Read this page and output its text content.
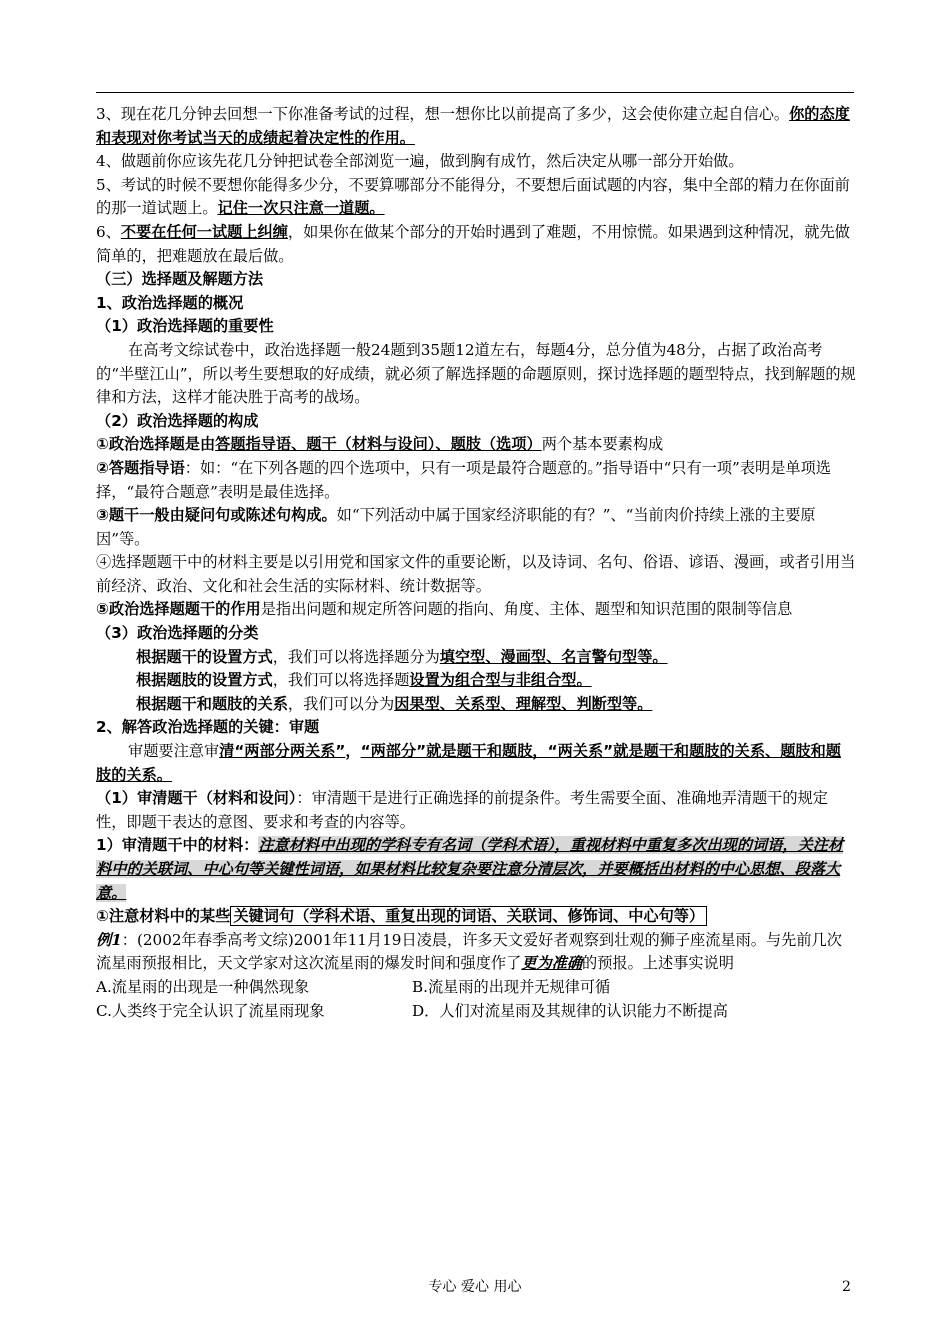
3、现在花几分钟去回想一下你准备考试的过程，想一想你比以前提高了多少，这会使你建立起自信心。你的态度和表现对你考试当天的成绩起着决定性的作用。

4、做题前你应该先花几分钟把试卷全部浏览一遍，做到胸有成竹，然后决定从哪一部分开始做。

5、考试的时候不要想你能得多少分，不要算哪部分不能得分，不要想后面试题的内容，集中全部的精力在你面前的那一道试题上。记住一次只注意一道题。

6、不要在任何一试题上纠缠，如果你在做某个部分的开始时遇到了难题，不用惊慌。如果遇到这种情况，就先做简单的，把难题放在最后做。

（三）选择题及解题方法

1、政治选择题的概况

（1）政治选择题的重要性

在高考文综试卷中，政治选择题一般24题到35题12道左右，每题4分，总分值为48分，占据了政治高考的“半壁江山”，所以考生要想取的好成绩，就必须了解选择题的命题原则，探讨选择题的题型特点，找到解题的规律和方法，这样才能决胜于高考的战场。

（2）政治选择题的构成

①政治选择题是由答题指导语、题干（材料与设问）、题肢（选项）两个基本要素构成

②答题指导语：如：“在下列各题的四个选项中，只有一项是最符合题意的。”指导语中“只有一项”表明是单项选择，“最符合题意”表明是最佳选择。

③题干一般由疑问句或陈述句构成。如“下列活动中属于国家经济职能的有？”、“当前肉价持续上涨的主要原因”等。

④选择题题干中的材料主要是以引用党和国家文件的重要论断，以及诗词、名句、俗语、谚语、漫画，或者引用当前经济、政治、文化和社会生活的实际材料、统计数据等。

⑤政治选择题题干的作用是指出问题和规定所答问题的指向、角度、主体、题型和知识范围的限制等信息

（3）政治选择题的分类

根据题干的设置方式，我们可以将选择题分为填空型、漫画型、名言警句型等。

根据题肢的设置方式，我们可以将选择题设置为组合型与非组合型。

根据题干和题肢的关系，我们可以分为因果型、关系型、理解型、判断型等。

2、解答政治选择题的关键：审题

审题要注意审清“两部分两关系”，“两部分”就是题干和题肢，“两关系”就是题干和题肢的关系、题肢和题肢的关系。

（1）审清题干（材料和设问）：审清题干是进行正确选择的前提条件。考生需要全面、准确地弄清题干的规定性，即题干表达的意图、要求和考查的内容等。

1）审清题干中的材料：注意材料中出现的学科专有名词（学科术语），重视材料中重复多次出现的词语，关注材料中的关联词、中心句等关键性词语，如果材料比较复杂要注意分清层次，并要概括出材料的中心思想、段落大意。

①注意材料中的某些 关键词句（学科术语、重复出现的词语、关联词、修饰词、中心句等）

例1：(2002年春季高考文综)2001年11月19日凌晨，许多天文爱好者观察到壮观的狮子座流星雨。与先前几次流星雨预报相比，天文学家对这次流星雨的爆发时间和强度作了更为准确的预报。上述事实说明

A.流星雨的出现是一种偶然现象	B.流星雨的出现并无规律可循

C.人类终于完全认识了流星雨现象	D．人们对流星雨及其规律的认识能力不断提高

专心 爱心 用心	2
